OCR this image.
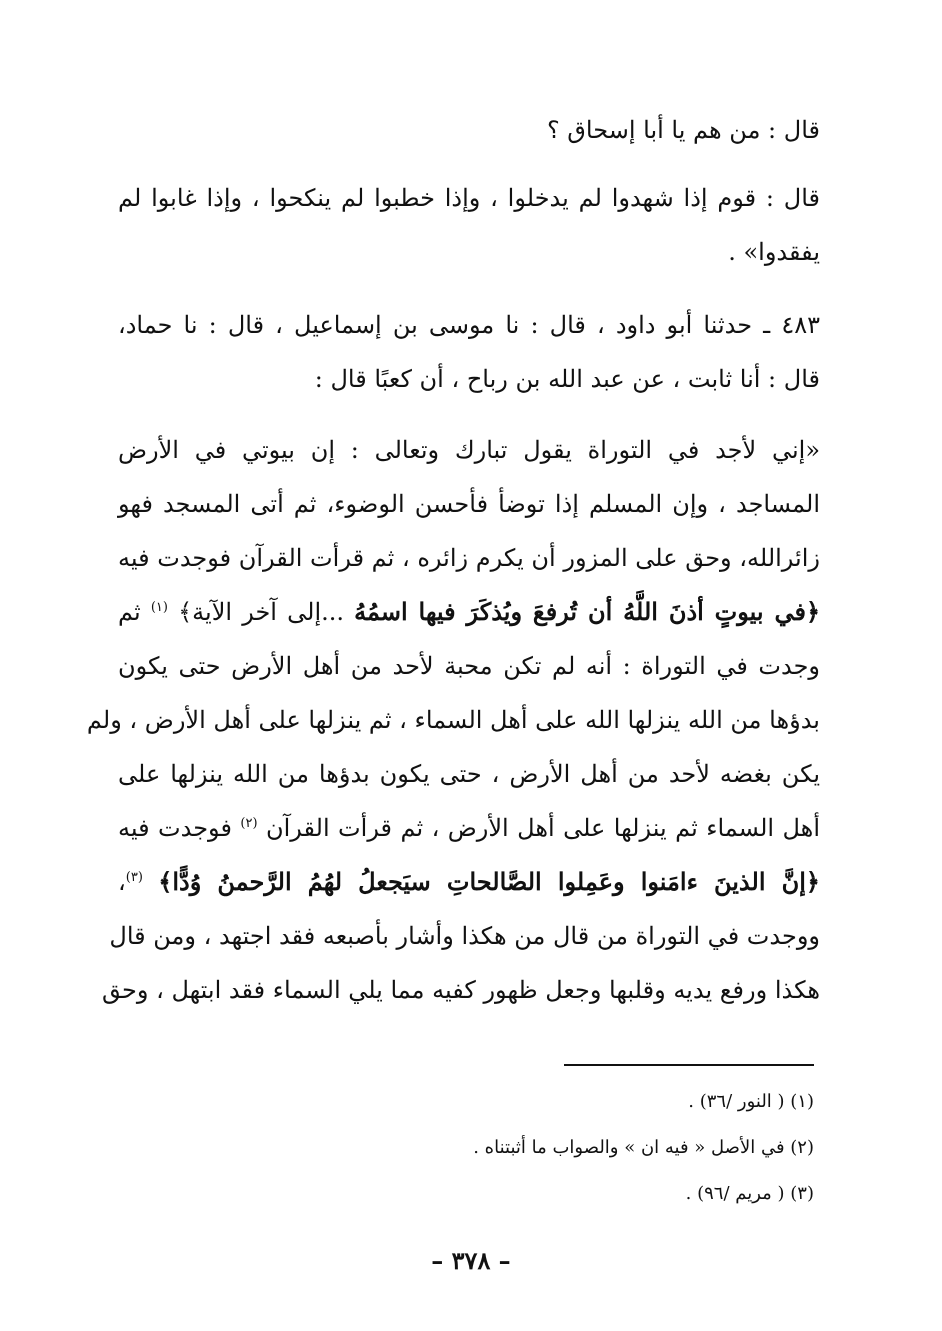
قال : من هم يا أبا إسحاق ؟
قال : قوم إذا شهدوا لم يدخلوا ، وإذا خطبوا لم ينكحوا ، وإذا غابوا لم
يفقدوا» .
٤٨٣ ـ حدثنا أبو داود ، قال : نا موسى بن إسماعيل ، قال : نا حماد،
قال : أنا ثابت ، عن عبد الله بن رباح ، أن كعبًا قال :
«إني لأجد في التوراة يقول تبارك وتعالى : إن بيوتي في الأرض
المساجد ، وإن المسلم إذا توضأ فأحسن الوضوء، ثم أتى المسجد فهو
زائرالله، وحق على المزور أن يكرم زائره ، ثم قرأت القرآن فوجدت فيه
﴿في بيوتٍ أذنَ اللَّهُ أن تُرفعَ ويُذكَرَ فيها اسمُهُ ...إلى آخر الآية﴾ $^{(١)}$ ثم
وجدت في التوراة : أنه لم تكن محبة لأحد من أهل الأرض حتى يكون
بدؤها من الله ينزلها الله على أهل السماء ، ثم ينزلها على أهل الأرض ، ولم
يكن بغضه لأحد من أهل الأرض ، حتى يكون بدؤها من الله ينزلها على
أهل السماء ثم ينزلها على أهل الأرض ، ثم قرأت القرآن $^{(٢)}$ فوجدت فيه
﴿إنَّ الذينَ ءامَنوا وعَمِلوا الصَّالحاتِ سيَجعلُ لهُمُ الرَّحمنُ وُدًّا﴾ $^{(٣)}$،
ووجدت في التوراة من قال من هكذا وأشار بأصبعه فقد اجتهد ، ومن قال
هكذا ورفع يديه وقلبها وجعل ظهور كفيه مما يلي السماء فقد ابتهل ، وحق
(١) ( النور /٣٦) .
(٢) في الأصل « فيه ان » والصواب ما أثبتناه .
(٣) ( مريم /٩٦) .
– ٣٧٨ –
